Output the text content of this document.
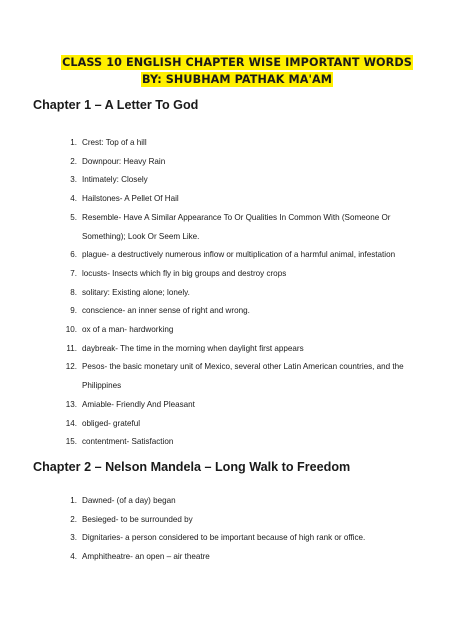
CLASS 10 ENGLISH CHAPTER WISE IMPORTANT WORDS
BY: SHUBHAM PATHAK MA'AM
Chapter 1 – A Letter To God
1. Crest: Top of a hill
2. Downpour: Heavy Rain
3. Intimately: Closely
4. Hailstones- A Pellet Of Hail
5. Resemble- Have A Similar Appearance To Or Qualities In Common With (Someone Or Something); Look Or Seem Like.
6. plague- a destructively numerous inflow or multiplication of a harmful animal, infestation
7. locusts- Insects which fly in big groups and destroy crops
8. solitary: Existing alone; lonely.
9. conscience- an inner sense of right and wrong.
10. ox of a man- hardworking
11. daybreak- The time in the morning when daylight first appears
12. Pesos- the basic monetary unit of Mexico, several other Latin American countries, and the Philippines
13. Amiable- Friendly And Pleasant
14. obliged- grateful
15. contentment- Satisfaction
Chapter 2 – Nelson Mandela – Long Walk to Freedom
1. Dawned- (of a day) began
2. Besieged- to be surrounded by
3. Dignitaries- a person considered to be important because of high rank or office.
4. Amphitheatre- an open – air theatre
